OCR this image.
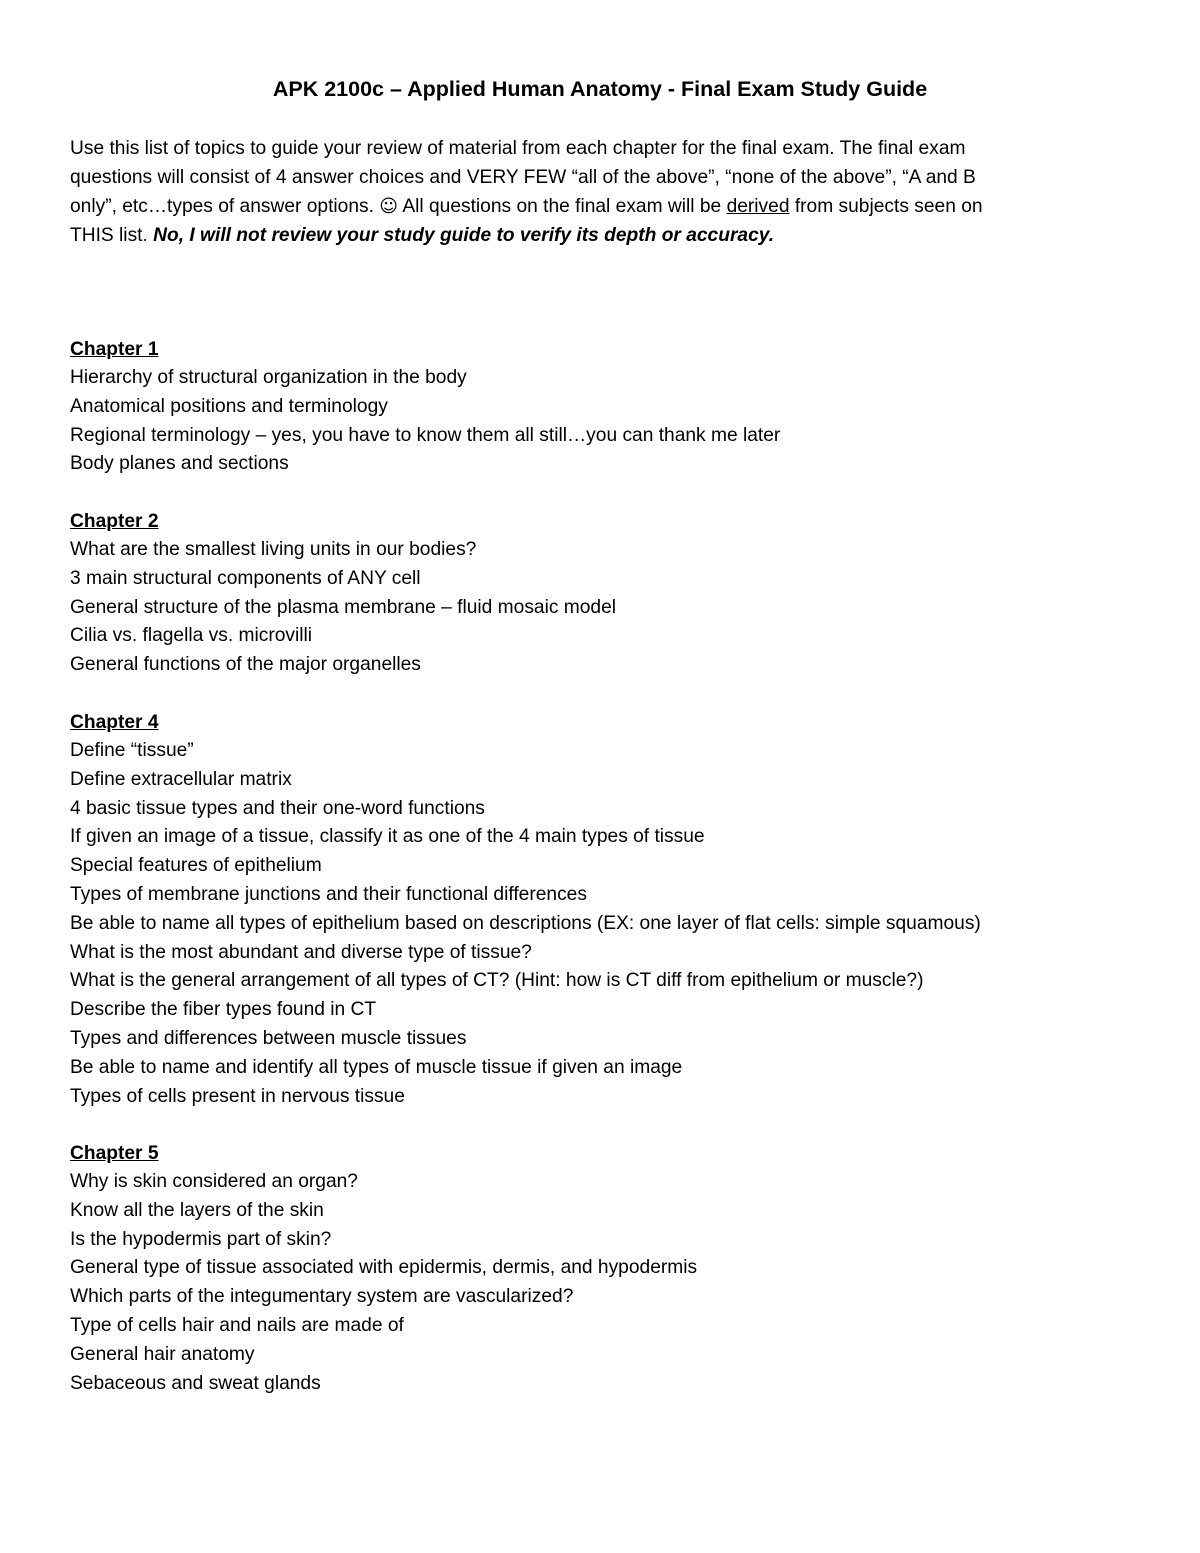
APK 2100c – Applied Human Anatomy - Final Exam Study Guide
Use this list of topics to guide your review of material from each chapter for the final exam. The final exam
questions will consist of 4 answer choices and VERY FEW “all of the above”, “none of the above”, “A and B
only”, etc…types of answer options. ☺ All questions on the final exam will be derived from subjects seen on
THIS list. No, I will not review your study guide to verify its depth or accuracy.
Chapter 1
Hierarchy of structural organization in the body
Anatomical positions and terminology
Regional terminology – yes, you have to know them all still…you can thank me later
Body planes and sections
Chapter 2
What are the smallest living units in our bodies?
3 main structural components of ANY cell
General structure of the plasma membrane – fluid mosaic model
Cilia vs. flagella vs. microvilli
General functions of the major organelles
Chapter 4
Define “tissue”
Define extracellular matrix
4 basic tissue types and their one-word functions
If given an image of a tissue, classify it as one of the 4 main types of tissue
Special features of epithelium
Types of membrane junctions and their functional differences
Be able to name all types of epithelium based on descriptions (EX: one layer of flat cells: simple squamous)
What is the most abundant and diverse type of tissue?
What is the general arrangement of all types of CT? (Hint: how is CT diff from epithelium or muscle?)
Describe the fiber types found in CT
Types and differences between muscle tissues
Be able to name and identify all types of muscle tissue if given an image
Types of cells present in nervous tissue
Chapter 5
Why is skin considered an organ?
Know all the layers of the skin
Is the hypodermis part of skin?
General type of tissue associated with epidermis, dermis, and hypodermis
Which parts of the integumentary system are vascularized?
Type of cells hair and nails are made of
General hair anatomy
Sebaceous and sweat glands
